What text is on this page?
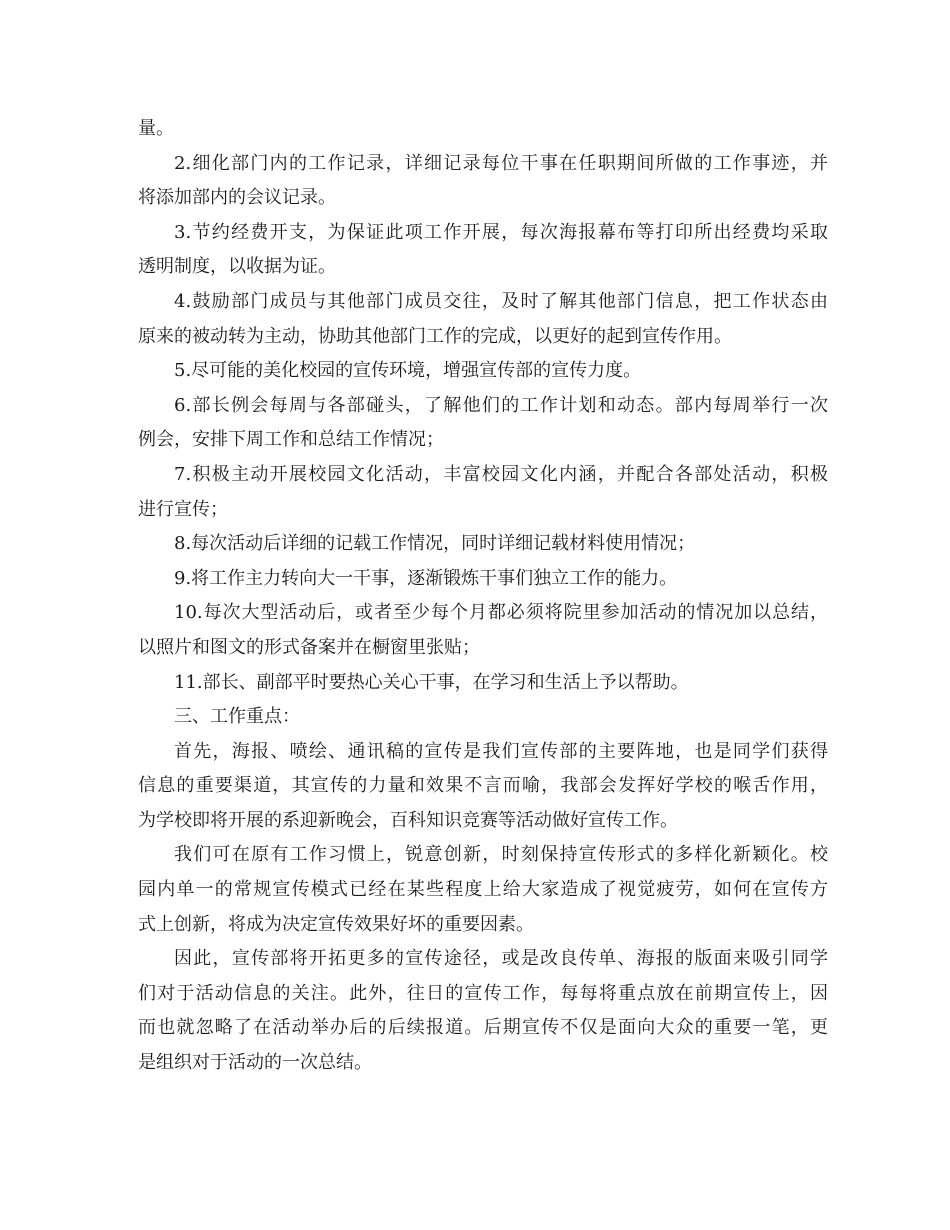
量。
2.细化部门内的工作记录，详细记录每位干事在任职期间所做的工作事迹，并
将添加部内的会议记录。
3.节约经费开支，为保证此项工作开展，每次海报幕布等打印所出经费均采取
透明制度，以收据为证。
4.鼓励部门成员与其他部门成员交往，及时了解其他部门信息，把工作状态由
原来的被动转为主动，协助其他部门工作的完成，以更好的起到宣传作用。
5.尽可能的美化校园的宣传环境，增强宣传部的宣传力度。
6.部长例会每周与各部碰头，了解他们的工作计划和动态。部内每周举行一次
例会，安排下周工作和总结工作情况；
7.积极主动开展校园文化活动，丰富校园文化内涵，并配合各部处活动，积极
进行宣传；
8.每次活动后详细的记载工作情况，同时详细记载材料使用情况；
9.将工作主力转向大一干事，逐渐锻炼干事们独立工作的能力。
10.每次大型活动后，或者至少每个月都必须将院里参加活动的情况加以总结，
以照片和图文的形式备案并在橱窗里张贴；
11.部长、副部平时要热心关心干事，在学习和生活上予以帮助。
三、工作重点：
首先，海报、喷绘、通讯稿的宣传是我们宣传部的主要阵地，也是同学们获得
信息的重要渠道，其宣传的力量和效果不言而喻，我部会发挥好学校的喉舌作用，
为学校即将开展的系迎新晚会，百科知识竞赛等活动做好宣传工作。
我们可在原有工作习惯上，锐意创新，时刻保持宣传形式的多样化新颖化。校
园内单一的常规宣传模式已经在某些程度上给大家造成了视觉疲劳，如何在宣传方
式上创新，将成为决定宣传效果好坏的重要因素。
因此，宣传部将开拓更多的宣传途径，或是改良传单、海报的版面来吸引同学
们对于活动信息的关注。此外，往日的宣传工作，每每将重点放在前期宣传上，因
而也就忽略了在活动举办后的后续报道。后期宣传不仅是面向大众的重要一笔，更
是组织对于活动的一次总结。
